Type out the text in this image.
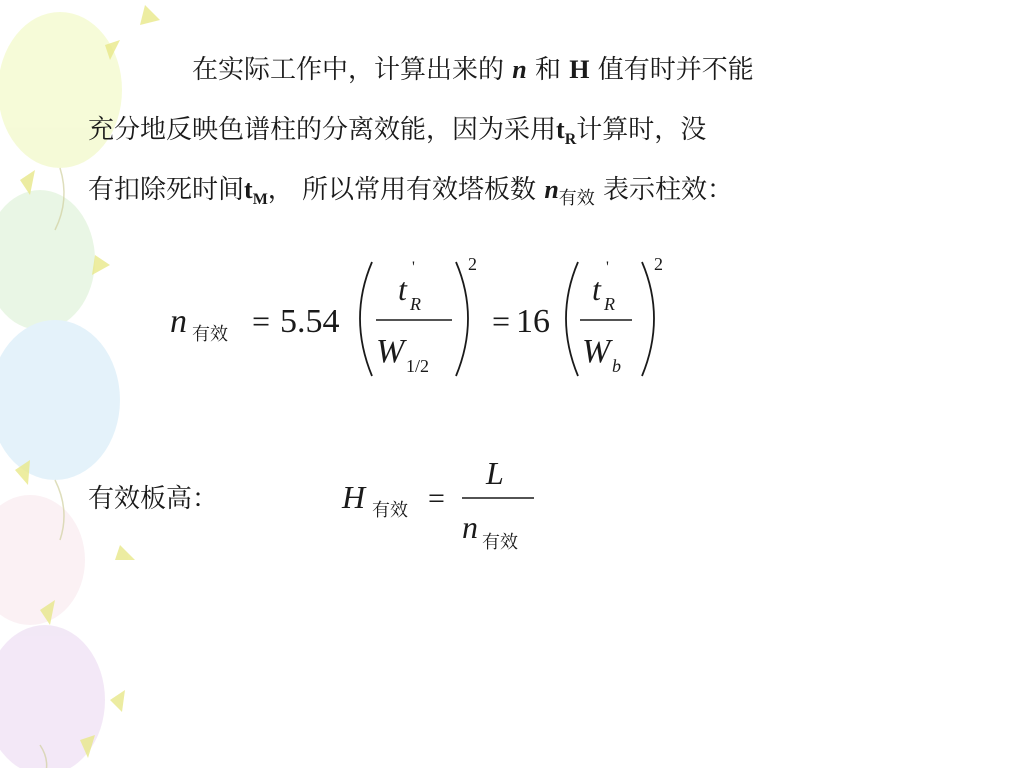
在实际工作中，计算出来的 n 和 H 值有时并不能
充分地反映色谱柱的分离效能，因为采用$t_R$计算时，没
有扣除死时间$t_M$， 所以常用有效塔板数 $n_{有效}$ 表示柱效：
n 有效 = 5.54
t
'
R
W 1/2
2
= 16
t
'
R
W b
2
有效板高：	H 有效 =
L
n 有效
